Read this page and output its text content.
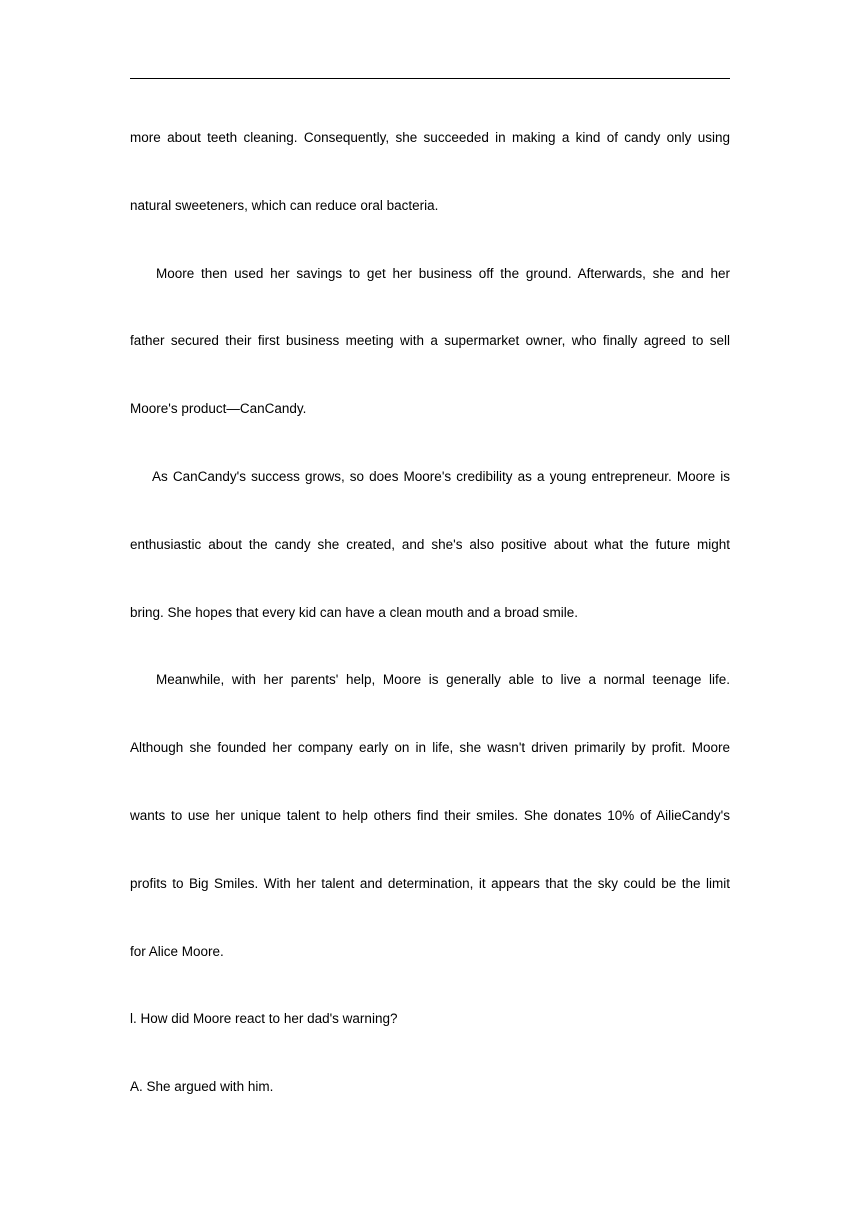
more about teeth cleaning. Consequently, she succeeded in making a kind of candy only using
natural sweeteners, which can reduce oral bacteria.
Moore then used her savings to get her business off the ground. Afterwards, she and her
father secured their first business meeting with a supermarket owner, who finally agreed to sell
Moore's product—CanCandy.
As CanCandy's success grows, so does Moore's credibility as a young entrepreneur. Moore is
enthusiastic about the candy she created, and she's also positive about what the future might
bring. She hopes that every kid can have a clean mouth and a broad smile.
Meanwhile, with her parents' help, Moore is generally able to live a normal teenage life.
Although she founded her company early on in life, she wasn't driven primarily by profit. Moore
wants to use her unique talent to help others find their smiles. She donates 10% of AilieCandy's
profits to Big Smiles. With her talent and determination, it appears that the sky could be the limit
for Alice Moore.
l. How did Moore react to her dad's warning?
A. She argued with him.
